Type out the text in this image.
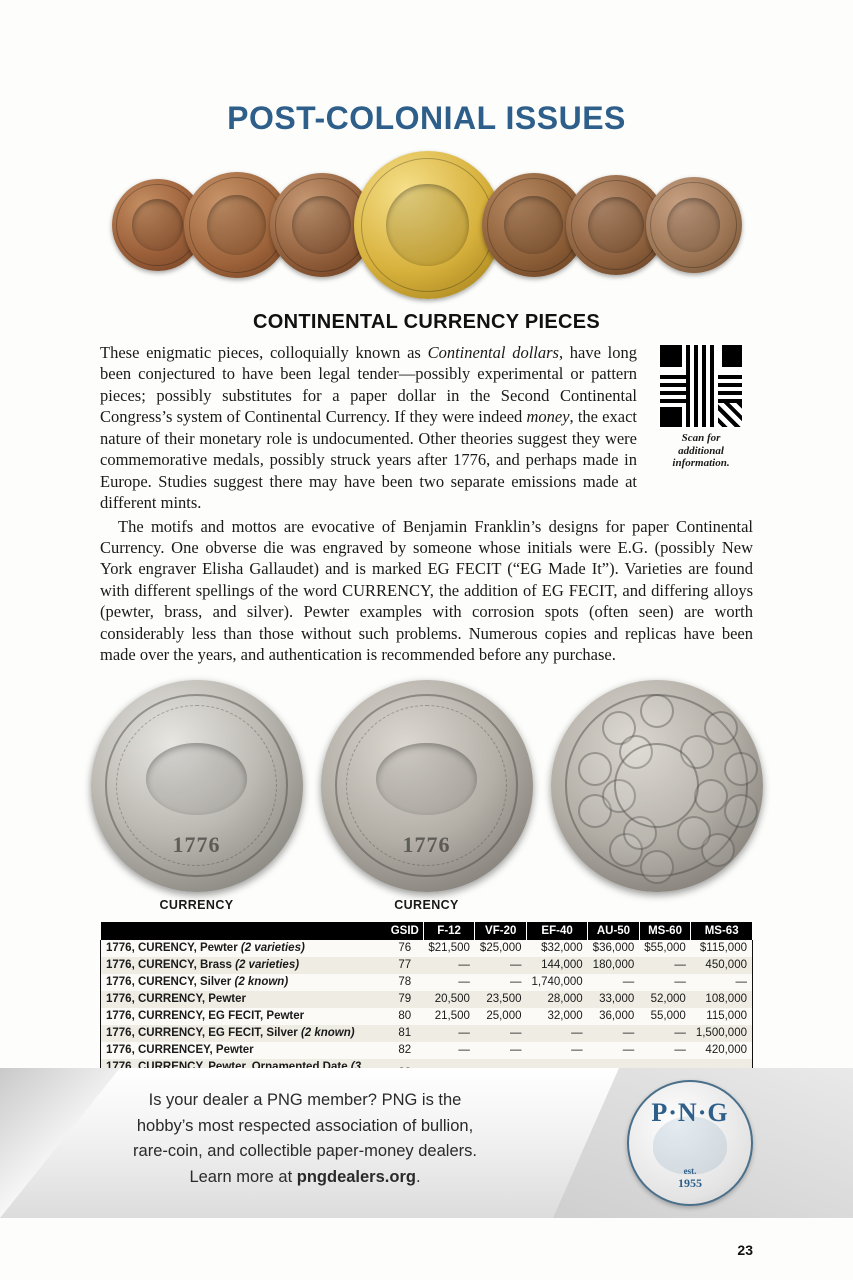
POST-COLONIAL ISSUES
CONTINENTAL CURRENCY PIECES
Scan for
additional
information.

These enigmatic pieces, colloquially known as Continental dollars, have long been conjectured to have been legal tender—possibly experimental or pattern pieces; possibly substitutes for a paper dollar in the Second Continental Congress’s system of Continental Currency. If they were indeed money, the exact nature of their monetary role is undocumented. Other theories suggest they were commemorative medals, possibly struck years after 1776, and perhaps made in Europe. Studies suggest there may have been two separate emissions made at different mints.

The motifs and mottos are evocative of Benjamin Franklin’s designs for paper Continental Currency. One obverse die was engraved by someone whose initials were E.G. (possibly New York engraver Elisha Gallaudet) and is marked EG FECIT (“EG Made It”). Varieties are found with different spellings of the word CURRENCY, the addition of EG FECIT, and differing alloys (pewter, brass, and silver). Pewter examples with corrosion spots (often seen) are worth considerably less than those without such problems. Numerous copies and replicas have been made over the years, and authentication is recommended before any purchase.

1776
CURRENCY
1776
CURENCY
	GSID	F-12	VF-20	EF-40	AU-50	MS-60	MS-63
1776, CURENCY, Pewter (2 varieties)	76	$21,500	$25,000	$32,000	$36,000	$55,000	$115,000
1776, CURENCY, Brass (2 varieties)	77	—	—	144,000	180,000	—	450,000
1776, CURENCY, Silver (2 known)	78	—	—	1,740,000	—	—	—
1776, CURRENCY, Pewter	79	20,500	23,500	28,000	33,000	52,000	108,000
1776, CURRENCY, EG FECIT, Pewter	80	21,500	25,000	32,000	36,000	55,000	115,000
1776, CURRENCY, EG FECIT, Silver (2 known)	81	—	—	—	—	—	1,500,000
1776, CURRENCEY, Pewter	82	—	—	—	—	—	420,000

Is your dealer a PNG member? PNG is the
hobby’s most respected association of bullion,
rare-coin, and collectible paper-money dealers.
Learn more at pngdealers.org.
P·N·G
est.
1955
23
